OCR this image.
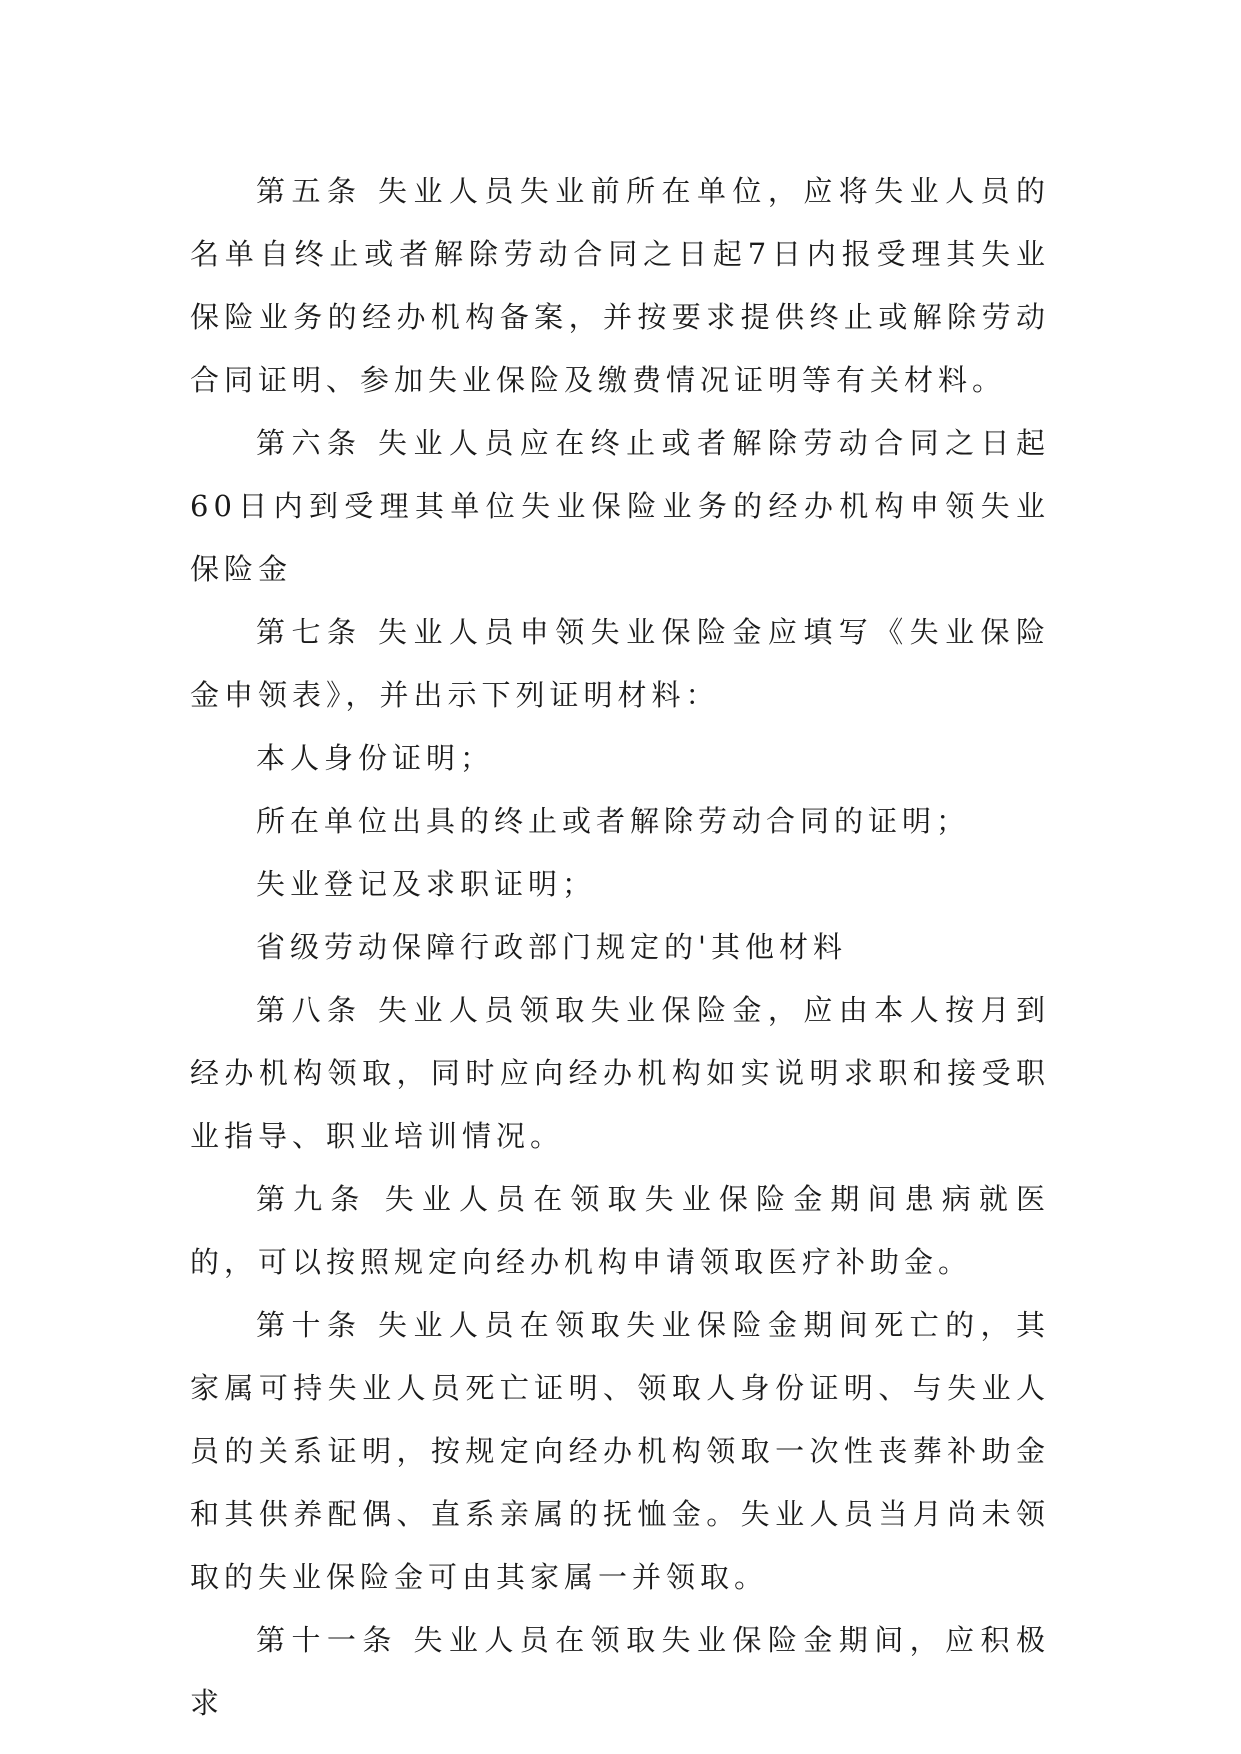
第五条 失业人员失业前所在单位，应将失业人员的名单自终止或者解除劳动合同之日起7日内报受理其失业保险业务的经办机构备案，并按要求提供终止或解除劳动合同证明、参加失业保险及缴费情况证明等有关材料。

第六条 失业人员应在终止或者解除劳动合同之日起60日内到受理其单位失业保险业务的经办机构申领失业保险金

第七条 失业人员申领失业保险金应填写《失业保险金申领表》，并出示下列证明材料：

本人身份证明；

所在单位出具的终止或者解除劳动合同的证明；

失业登记及求职证明；

省级劳动保障行政部门规定的'其他材料

第八条 失业人员领取失业保险金，应由本人按月到经办机构领取，同时应向经办机构如实说明求职和接受职业指导、职业培训情况。

第九条 失业人员在领取失业保险金期间患病就医的，可以按照规定向经办机构申请领取医疗补助金。

第十条 失业人员在领取失业保险金期间死亡的，其家属可持失业人员死亡证明、领取人身份证明、与失业人员的关系证明，按规定向经办机构领取一次性丧葬补助金和其供养配偶、直系亲属的抚恤金。失业人员当月尚未领取的失业保险金可由其家属一并领取。

第十一条 失业人员在领取失业保险金期间，应积极求
